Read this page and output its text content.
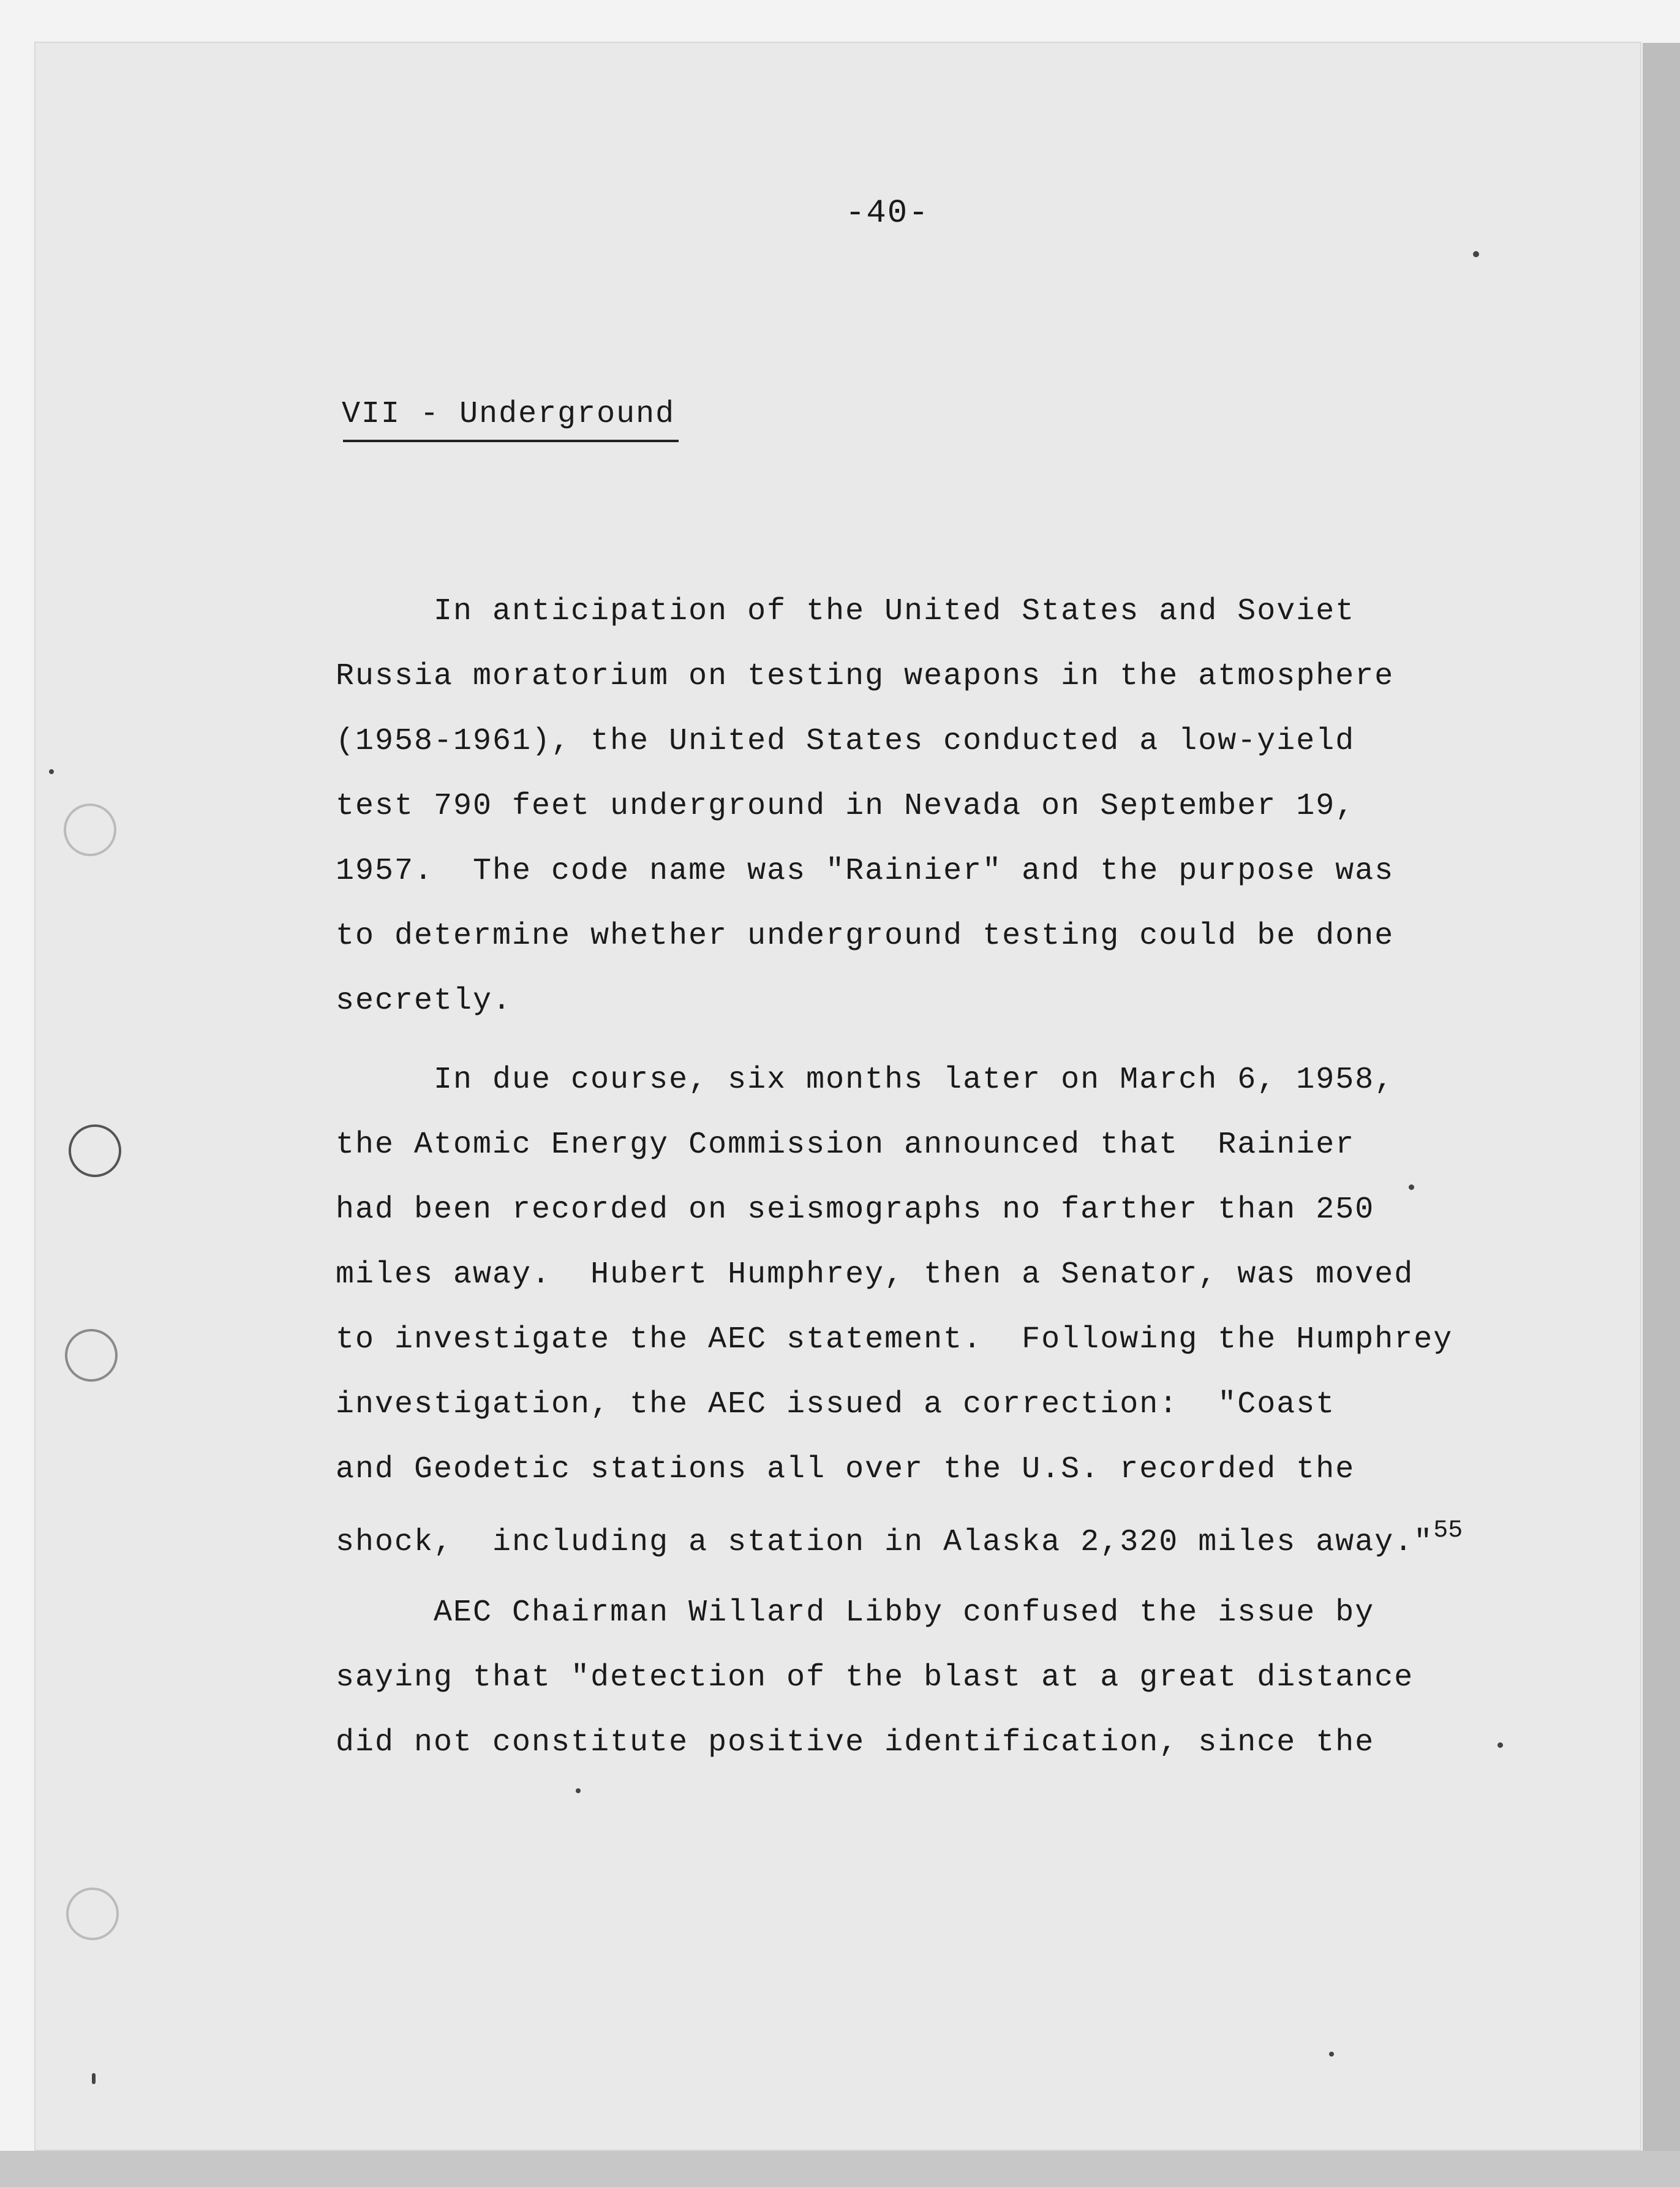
-40-
VII - Underground
In anticipation of the United States and Soviet
Russia moratorium on testing weapons in the atmosphere
(1958-1961), the United States conducted a low-yield
test 790 feet underground in Nevada on September 19,
1957.  The code name was "Rainier" and the purpose was
to determine whether underground testing could be done
secretly.
In due course, six months later on March 6, 1958,
the Atomic Energy Commission announced that  Rainier
had been recorded on seismographs no farther than 250
miles away.  Hubert Humphrey, then a Senator, was moved
to investigate the AEC statement.  Following the Humphrey
investigation, the AEC issued a correction:  "Coast
and Geodetic stations all over the U.S. recorded the
shock,  including a station in Alaska 2,320 miles away."$^{55}$
AEC Chairman Willard Libby confused the issue by
saying that "detection of the blast at a great distance
did not constitute positive identification, since the
